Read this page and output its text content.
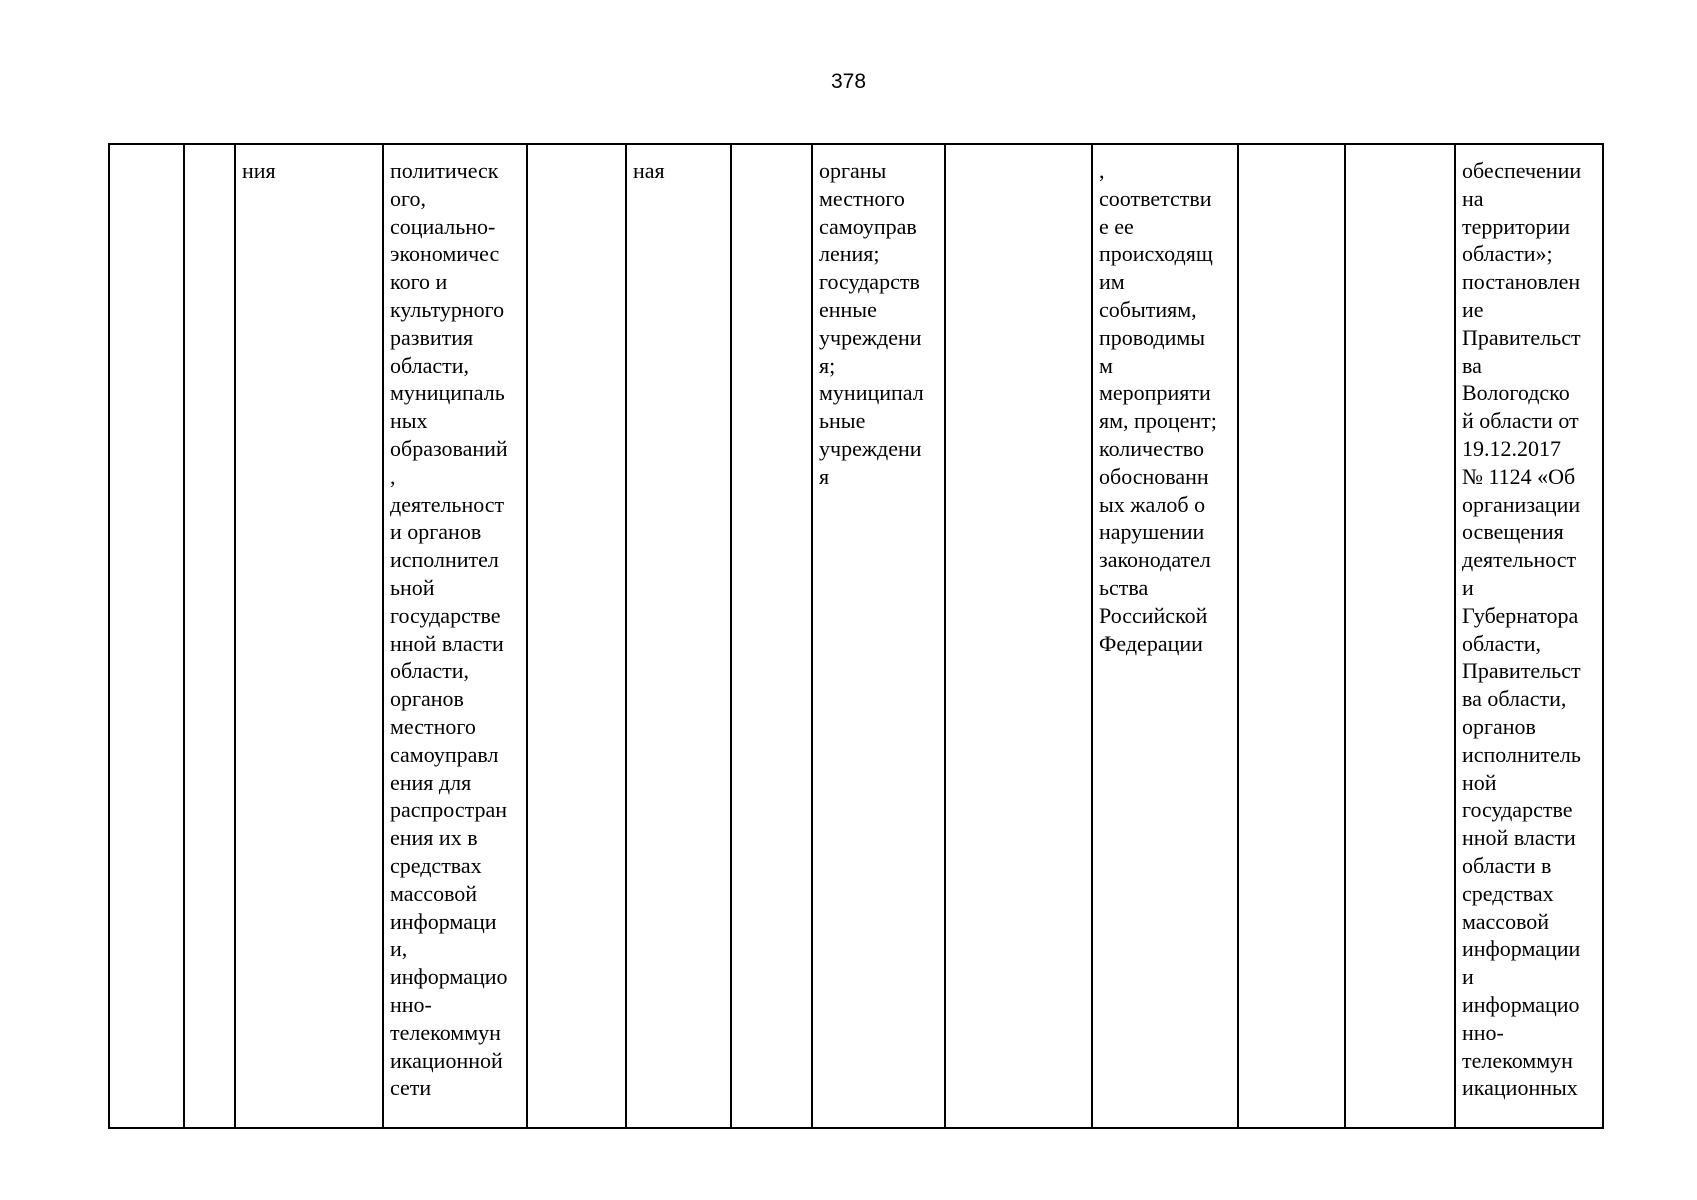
378
		ния	политическ
ого,
социально-
экономичес
кого и
культурного
развития
области,
муниципаль
ных
образований
,
деятельност
и органов
исполнител
ьной
государстве
нной власти
области,
органов
местного
самоуправл
ения для
распростран
ения их в
средствах
массовой
информаци
и,
информацио
нно-
телекоммун
икационной
сети		ная		органы
местного
самоуправ
ления;
государств
енные
учреждени
я;
муниципал
ьные
учреждени
я		,
соответстви
е ее
происходящ
им
событиям,
проводимы
м
мероприяти
ям, процент;
количество
обоснованн
ых жалоб о
нарушении
законодател
ьства
Российской
Федерации			обеспечении
на
территории
области»;
постановлен
ие
Правительст
ва
Вологодско
й области от
19.12.2017
№ 1124 «Об
организации
освещения
деятельност
и
Губернатора
области,
Правительст
ва области,
органов
исполнитель
ной
государстве
нной власти
области в
средствах
массовой
информации
и
информацио
нно-
телекоммун
икационных
